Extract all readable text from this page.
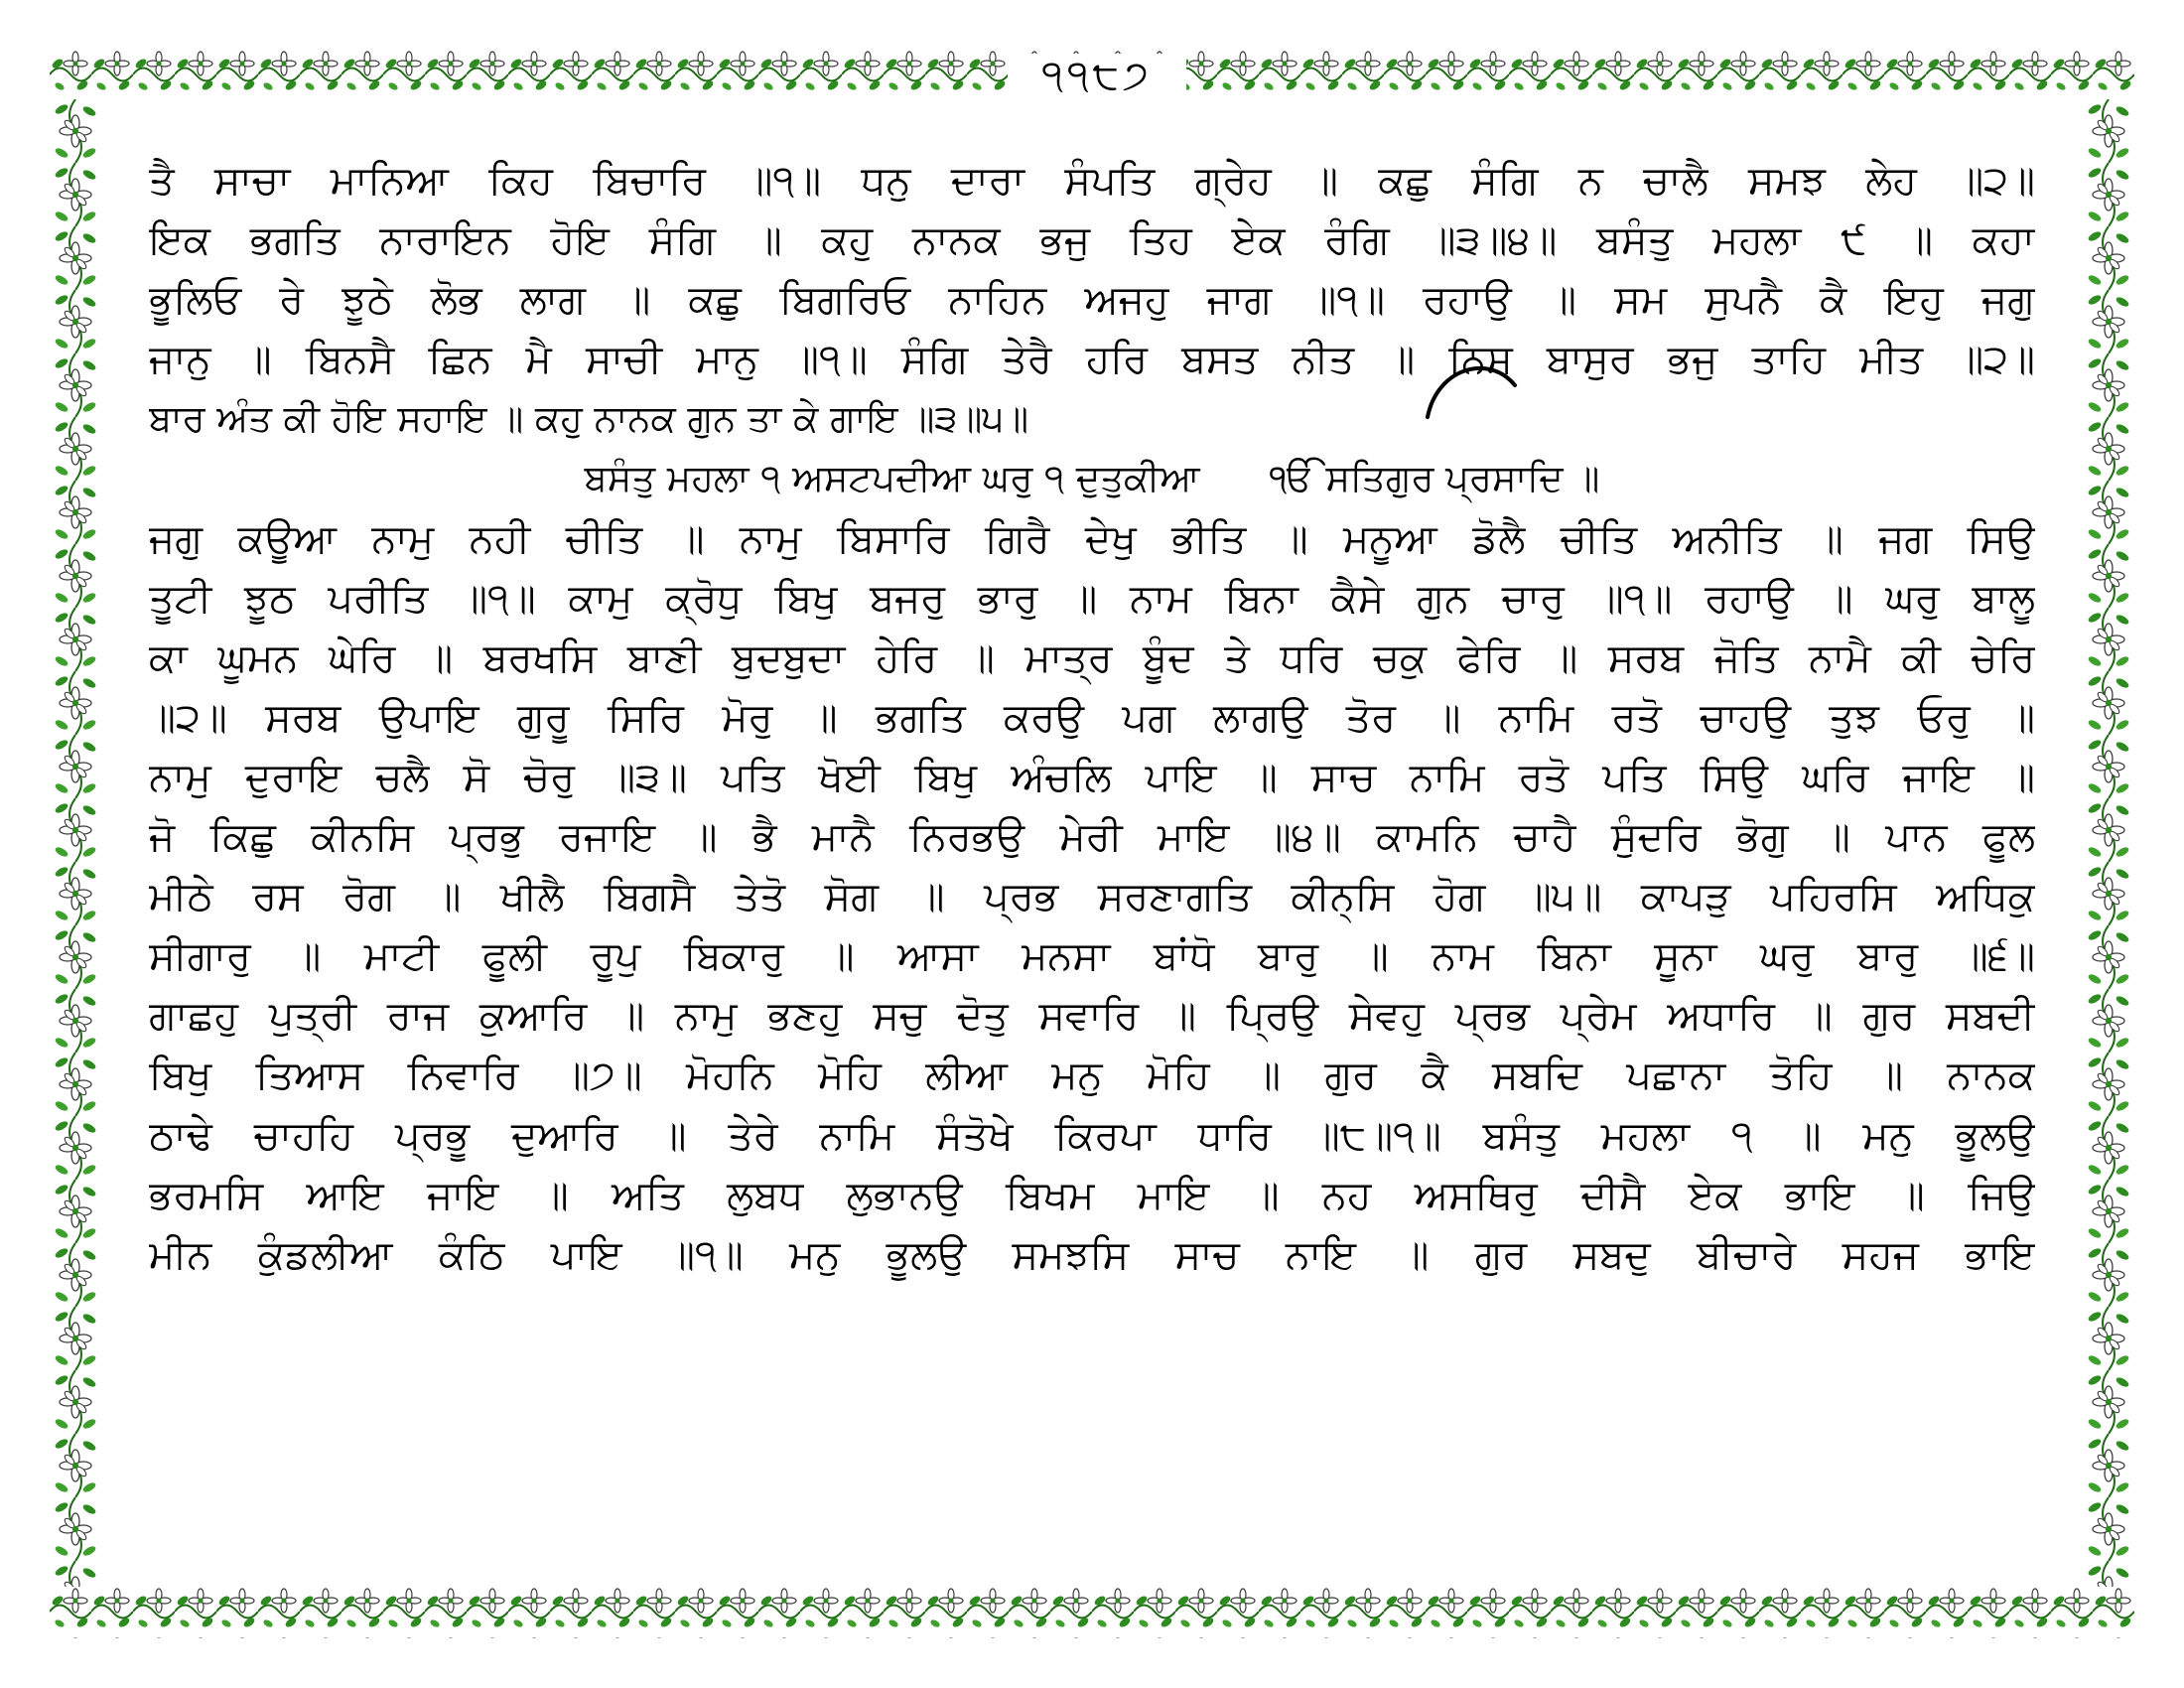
੧੧੮੭
ਤੈ ਸਾਚਾ ਮਾਨਿਆ ਕਿਹ ਬਿਚਾਰਿ ॥੧॥ ਧਨੁ ਦਾਰਾ ਸੰਪਤਿ ਗ੍ਰੇਹ ॥ ਕਛੁ ਸੰਗਿ ਨ ਚਾਲੈ ਸਮਝ ਲੇਹ ॥੨॥
ਇਕ ਭਗਤਿ ਨਾਰਾਇਨ ਹੋਇ ਸੰਗਿ ॥ ਕਹੁ ਨਾਨਕ ਭਜੁ ਤਿਹ ਏਕ ਰੰਗਿ ॥੩॥੪॥ ਬਸੰਤੁ ਮਹਲਾ ੯ ॥ ਕਹਾ
ਭੂਲਿਓ ਰੇ ਝੂਠੇ ਲੋਭ ਲਾਗ ॥ ਕਛੁ ਬਿਗਰਿਓ ਨਾਹਿਨ ਅਜਹੁ ਜਾਗ ॥੧॥ ਰਹਾਉ ॥ ਸਮ ਸੁਪਨੈ ਕੈ ਇਹੁ ਜਗੁ
ਜਾਨੁ ॥ ਬਿਨਸੈ ਛਿਨ ਮੈ ਸਾਚੀ ਮਾਨੁ ॥੧॥ ਸੰਗਿ ਤੇਰੈ ਹਰਿ ਬਸਤ ਨੀਤ ॥ ਨਿਸ ਬਾਸੁਰ ਭਜੁ ਤਾਹਿ ਮੀਤ ॥੨॥
ਬਾਰ ਅੰਤ ਕੀ ਹੋਇ ਸਹਾਇ ॥ ਕਹੁ ਨਾਨਕ ਗੁਨ ਤਾ ਕੇ ਗਾਇ ॥੩॥੫॥
ਬਸੰਤੁ ਮਹਲਾ ੧ ਅਸਟਪਦੀਆ ਘਰੁ ੧ ਦੁਤੁਕੀਆ ੴ ਸਤਿਗੁਰ ਪ੍ਰਸਾਦਿ ॥
ਜਗੁ ਕਊਆ ਨਾਮੁ ਨਹੀ ਚੀਤਿ ॥ ਨਾਮੁ ਬਿਸਾਰਿ ਗਿਰੈ ਦੇਖੁ ਭੀਤਿ ॥ ਮਨੂਆ ਡੋਲੈ ਚੀਤਿ ਅਨੀਤਿ ॥ ਜਗ ਸਿਉ
ਤੂਟੀ ਝੂਠ ਪਰੀਤਿ ॥੧॥ ਕਾਮੁ ਕ੍ਰੋਧੁ ਬਿਖੁ ਬਜਰੁ ਭਾਰੁ ॥ ਨਾਮ ਬਿਨਾ ਕੈਸੇ ਗੁਨ ਚਾਰੁ ॥੧॥ ਰਹਾਉ ॥ ਘਰੁ ਬਾਲੂ
ਕਾ ਘੂਮਨ ਘੇਰਿ ॥ ਬਰਖਸਿ ਬਾਣੀ ਬੁਦਬੁਦਾ ਹੇਰਿ ॥ ਮਾਤ੍ਰ ਬੂੰਦ ਤੇ ਧਰਿ ਚਕੁ ਫੇਰਿ ॥ ਸਰਬ ਜੋਤਿ ਨਾਮੈ ਕੀ ਚੇਰਿ
॥੨॥ ਸਰਬ ਉਪਾਇ ਗੁਰੂ ਸਿਰਿ ਮੋਰੁ ॥ ਭਗਤਿ ਕਰਉ ਪਗ ਲਾਗਉ ਤੋਰ ॥ ਨਾਮਿ ਰਤੋ ਚਾਹਉ ਤੁਝ ਓਰੁ ॥
ਨਾਮੁ ਦੁਰਾਇ ਚਲੈ ਸੋ ਚੋਰੁ ॥੩॥ ਪਤਿ ਖੋਈ ਬਿਖੁ ਅੰਚਲਿ ਪਾਇ ॥ ਸਾਚ ਨਾਮਿ ਰਤੋ ਪਤਿ ਸਿਉ ਘਰਿ ਜਾਇ ॥
ਜੋ ਕਿਛੁ ਕੀਨਸਿ ਪ੍ਰਭੁ ਰਜਾਇ ॥ ਭੈ ਮਾਨੈ ਨਿਰਭਉ ਮੇਰੀ ਮਾਇ ॥੪॥ ਕਾਮਨਿ ਚਾਹੈ ਸੁੰਦਰਿ ਭੋਗੁ ॥ ਪਾਨ ਫੂਲ
ਮੀਠੇ ਰਸ ਰੋਗ ॥ ਖੀਲੈ ਬਿਗਸੈ ਤੇਤੋ ਸੋਗ ॥ ਪ੍ਰਭ ਸਰਣਾਗਤਿ ਕੀਨ੍ਸਿ ਹੋਗ ॥੫॥ ਕਾਪੜੁ ਪਹਿਰਸਿ ਅਧਿਕੁ
ਸੀਗਾਰੁ ॥ ਮਾਟੀ ਫੂਲੀ ਰੂਪੁ ਬਿਕਾਰੁ ॥ ਆਸਾ ਮਨਸਾ ਬਾਂਧੋ ਬਾਰੁ ॥ ਨਾਮ ਬਿਨਾ ਸੂਨਾ ਘਰੁ ਬਾਰੁ ॥੬॥
ਗਾਛਹੁ ਪੁਤ੍ਰੀ ਰਾਜ ਕੁਆਰਿ ॥ ਨਾਮੁ ਭਣਹੁ ਸਚੁ ਦੋਤੁ ਸਵਾਰਿ ॥ ਪ੍ਰਿਉ ਸੇਵਹੁ ਪ੍ਰਭ ਪ੍ਰੇਮ ਅਧਾਰਿ ॥ ਗੁਰ ਸਬਦੀ
ਬਿਖੁ ਤਿਆਸ ਨਿਵਾਰਿ ॥੭॥ ਮੋਹਨਿ ਮੋਹਿ ਲੀਆ ਮਨੁ ਮੋਹਿ ॥ ਗੁਰ ਕੈ ਸਬਦਿ ਪਛਾਨਾ ਤੋਹਿ ॥ ਨਾਨਕ
ਠਾਢੇ ਚਾਹਹਿ ਪ੍ਰਭੂ ਦੁਆਰਿ ॥ ਤੇਰੇ ਨਾਮਿ ਸੰਤੋਖੇ ਕਿਰਪਾ ਧਾਰਿ ॥੮॥੧॥ ਬਸੰਤੁ ਮਹਲਾ ੧ ॥ ਮਨੁ ਭੂਲਉ
ਭਰਮਸਿ ਆਇ ਜਾਇ ॥ ਅਤਿ ਲੁਬਧ ਲੁਭਾਨਉ ਬਿਖਮ ਮਾਇ ॥ ਨਹ ਅਸਥਿਰੁ ਦੀਸੈ ਏਕ ਭਾਇ ॥ ਜਿਉ
ਮੀਨ ਕੁੰਡਲੀਆ ਕੰਠਿ ਪਾਇ ॥੧॥ ਮਨੁ ਭੂਲਉ ਸਮਝਸਿ ਸਾਚ ਨਾਇ ॥ ਗੁਰ ਸਬਦੁ ਬੀਚਾਰੇ ਸਹਜ ਭਾਇ
